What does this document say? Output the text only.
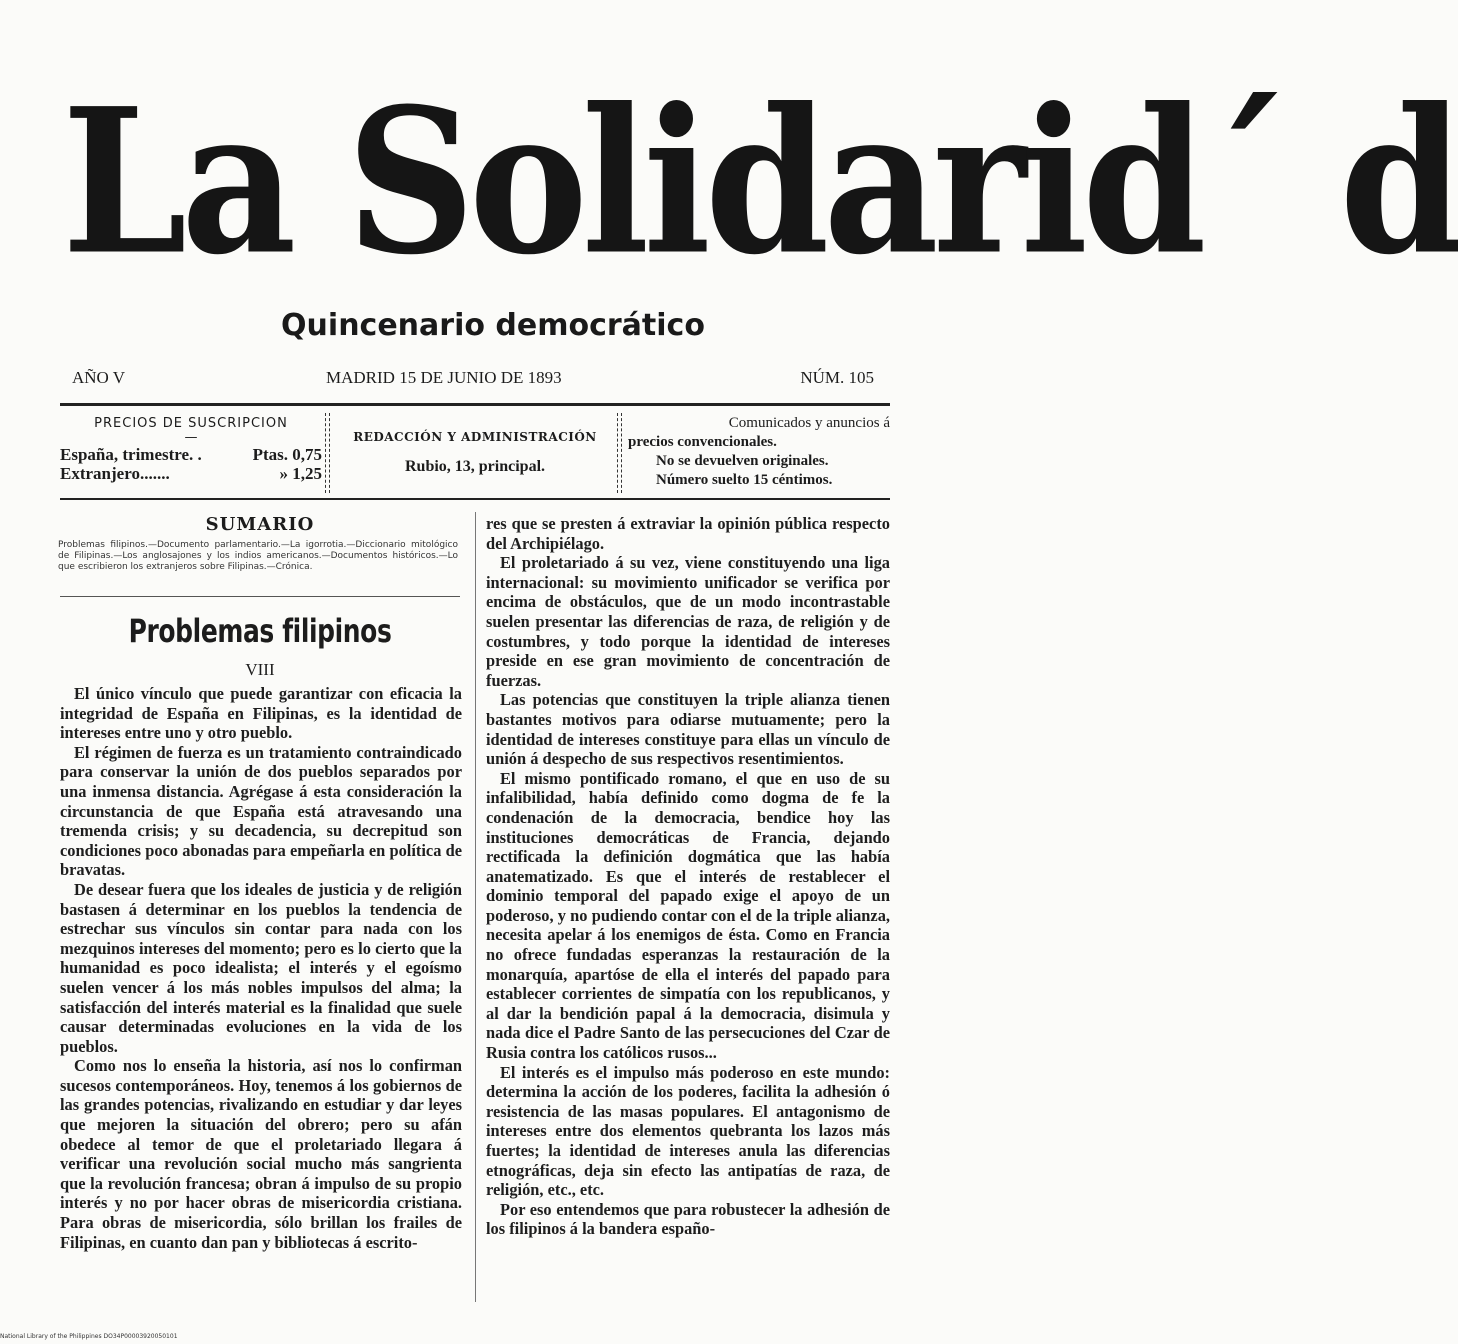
La Solidarid´ d
Quincenario democrático
AÑO V	MADRID 15 DE JUNIO DE 1893	NÚM. 105
PRECIOS DE SUSCRIPCION
—
España, trimestre. .	Ptas. 0,75
Extranjero.......	» 1,25
REDACCIÓN Y ADMINISTRACIÓN
Rubio, 13, principal.
Comunicados y anuncios á
precios convencionales.
No se devuelven originales.
Número suelto 15 céntimos.
SUMARIO
Problemas filipinos.—Documento parlamentario.—La igorrotia.—Diccionario mitológico de Filipinas.—Los anglosajones y los indios americanos.—Documentos históricos.—Lo que escribieron los extranjeros sobre Filipinas.—Crónica.
Problemas filipinos
VIII

El único vínculo que puede garantizar con eficacia la integridad de España en Filipinas, es la identidad de intereses entre uno y otro pueblo.

El régimen de fuerza es un tratamiento contraindicado para conservar la unión de dos pueblos separados por una inmensa distancia. Agrégase á esta consideración la circunstancia de que España está atravesando una tremenda crisis; y su decadencia, su decrepitud son condiciones poco abonadas para empeñarla en política de bravatas.

De desear fuera que los ideales de justicia y de religión bastasen á determinar en los pueblos la tendencia de estrechar sus vínculos sin contar para nada con los mezquinos intereses del momento; pero es lo cierto que la humanidad es poco idealista; el interés y el egoísmo suelen vencer á los más nobles impulsos del alma; la satisfacción del interés material es la finalidad que suele causar determinadas evoluciones en la vida de los pueblos.

Como nos lo enseña la historia, así nos lo confirman sucesos contemporáneos. Hoy, tenemos á los gobiernos de las grandes potencias, rivalizando en estudiar y dar leyes que mejoren la situación del obrero; pero su afán obedece al temor de que el proletariado llegara á verificar una revolución social mucho más sangrienta que la revolución francesa; obran á impulso de su propio interés y no por hacer obras de misericordia cristiana. Para obras de misericordia, sólo brillan los frailes de Filipinas, en cuanto dan pan y bibliotecas á escrito-

res que se presten á extraviar la opinión pública respecto del Archipiélago.

El proletariado á su vez, viene constituyendo una liga internacional: su movimiento unificador se verifica por encima de obstáculos, que de un modo incontrastable suelen presentar las diferencias de raza, de religión y de costumbres, y todo porque la identidad de intereses preside en ese gran movimiento de concentración de fuerzas.

Las potencias que constituyen la triple alianza tienen bastantes motivos para odiarse mutuamente; pero la identidad de intereses constituye para ellas un vínculo de unión á despecho de sus respectivos resentimientos.

El mismo pontificado romano, el que en uso de su infalibilidad, había definido como dogma de fe la condenación de la democracia, bendice hoy las instituciones democráticas de Francia, dejando rectificada la definición dogmática que las había anatematizado. Es que el interés de restablecer el dominio temporal del papado exige el apoyo de un poderoso, y no pudiendo contar con el de la triple alianza, necesita apelar á los enemigos de ésta. Como en Francia no ofrece fundadas esperanzas la restauración de la monarquía, apartóse de ella el interés del papado para establecer corrientes de simpatía con los republicanos, y al dar la bendición papal á la democracia, disimula y nada dice el Padre Santo de las persecuciones del Czar de Rusia contra los católicos rusos...

El interés es el impulso más poderoso en este mundo: determina la acción de los poderes, facilita la adhesión ó resistencia de las masas populares. El antagonismo de intereses entre dos elementos quebranta los lazos más fuertes; la identidad de intereses anula las diferencias etnográficas, deja sin efecto las antipatías de raza, de religión, etc., etc.

Por eso entendemos que para robustecer la adhesión de los filipinos á la bandera españo-

National Library of the Philippines DO34P00003920050101
